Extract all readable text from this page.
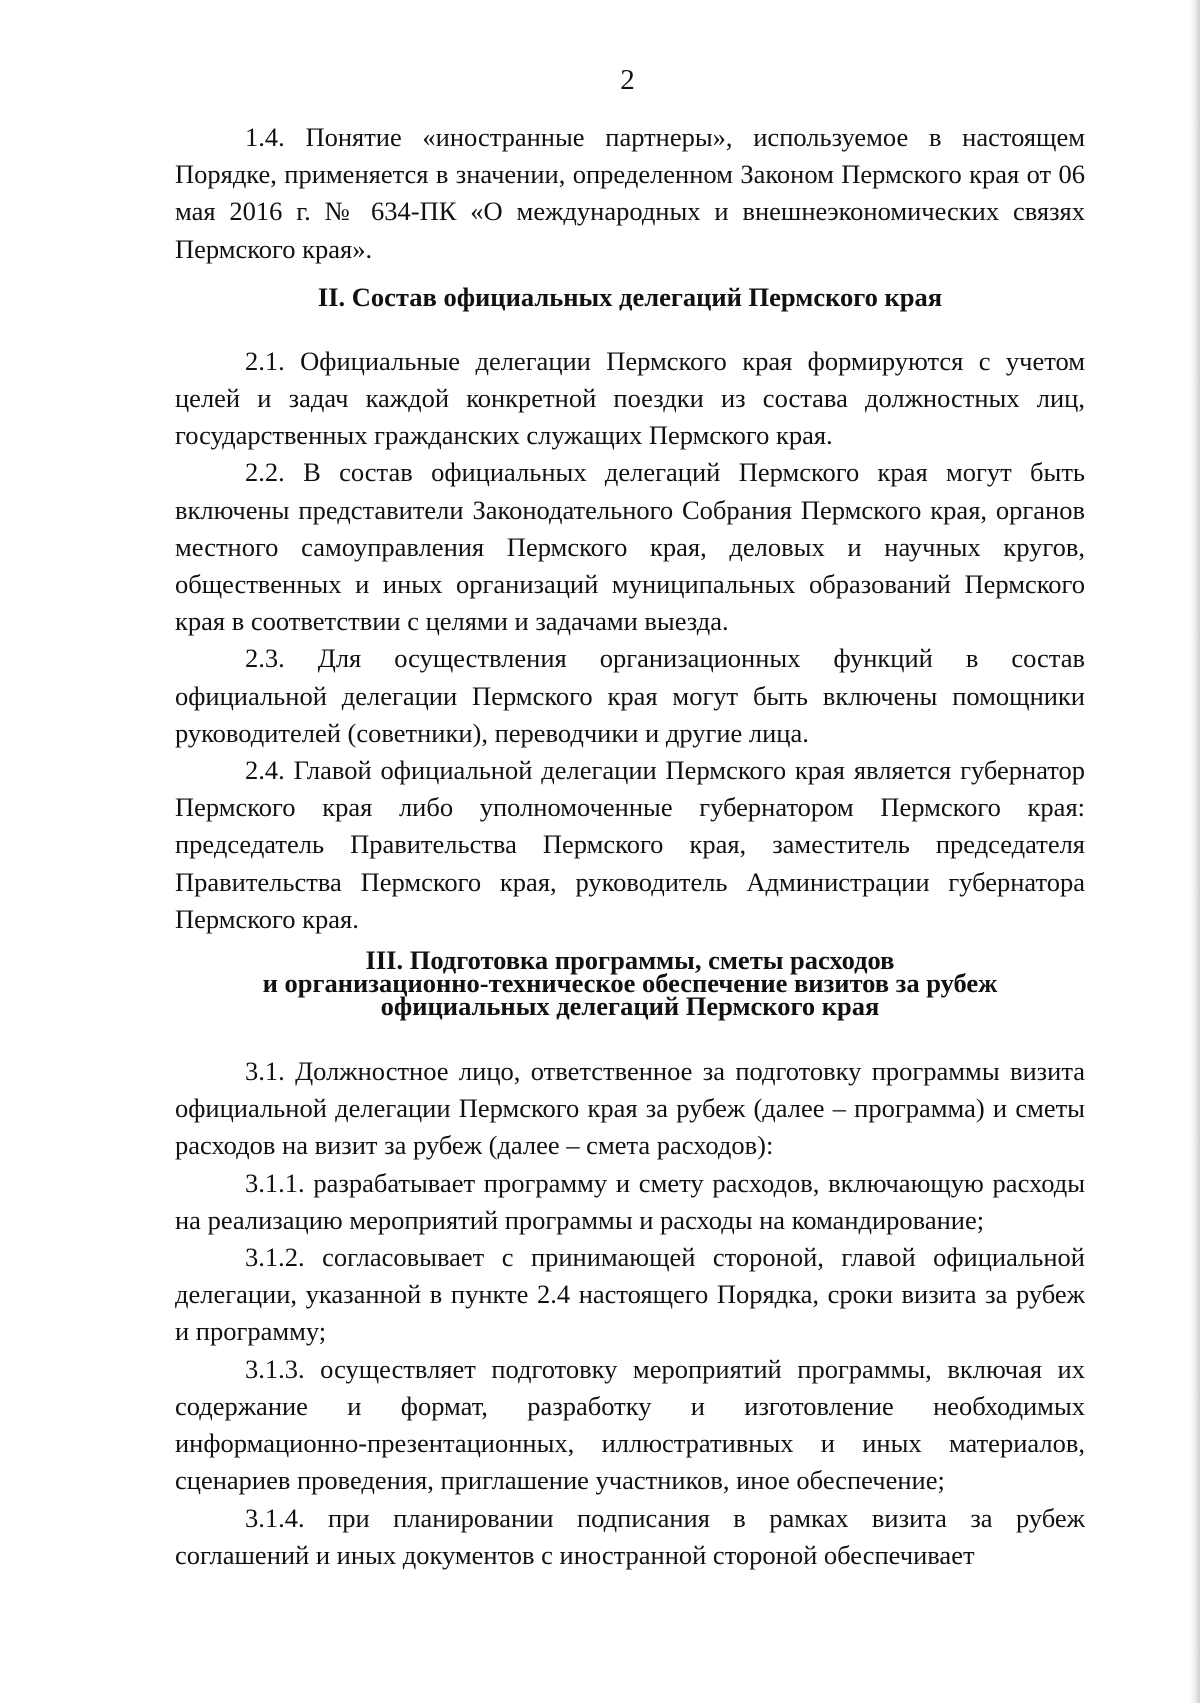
2

1.4. Понятие «иностранные партнеры», используемое в настоящем Порядке, применяется в значении, определенном Законом Пермского края от 06 мая 2016 г. № 634-ПК «О международных и внешнеэкономических связях Пермского края».

II. Состав официальных делегаций Пермского края

2.1. Официальные делегации Пермского края формируются с учетом целей и задач каждой конкретной поездки из состава должностных лиц, государственных гражданских служащих Пермского края.

2.2. В состав официальных делегаций Пермского края могут быть включены представители Законодательного Собрания Пермского края, органов местного самоуправления Пермского края, деловых и научных кругов, общественных и иных организаций муниципальных образований Пермского края в соответствии с целями и задачами выезда.

2.3. Для осуществления организационных функций в состав официальной делегации Пермского края могут быть включены помощники руководителей (советники), переводчики и другие лица.

2.4. Главой официальной делегации Пермского края является губернатор Пермского края либо уполномоченные губернатором Пермского края: председатель Правительства Пермского края, заместитель председателя Правительства Пермского края, руководитель Администрации губернатора Пермского края.

III. Подготовка программы, сметы расходов
и организационно-техническое обеспечение визитов за рубеж
официальных делегаций Пермского края

3.1. Должностное лицо, ответственное за подготовку программы визита официальной делегации Пермского края за рубеж (далее – программа) и сметы расходов на визит за рубеж (далее – смета расходов):

3.1.1. разрабатывает программу и смету расходов, включающую расходы на реализацию мероприятий программы и расходы на командирование;

3.1.2. согласовывает с принимающей стороной, главой официальной делегации, указанной в пункте 2.4 настоящего Порядка, сроки визита за рубеж и программу;

3.1.3. осуществляет подготовку мероприятий программы, включая их содержание и формат, разработку и изготовление необходимых информационно-презентационных, иллюстративных и иных материалов, сценариев проведения, приглашение участников, иное обеспечение;

3.1.4. при планировании подписания в рамках визита за рубеж соглашений и иных документов с иностранной стороной обеспечивает
